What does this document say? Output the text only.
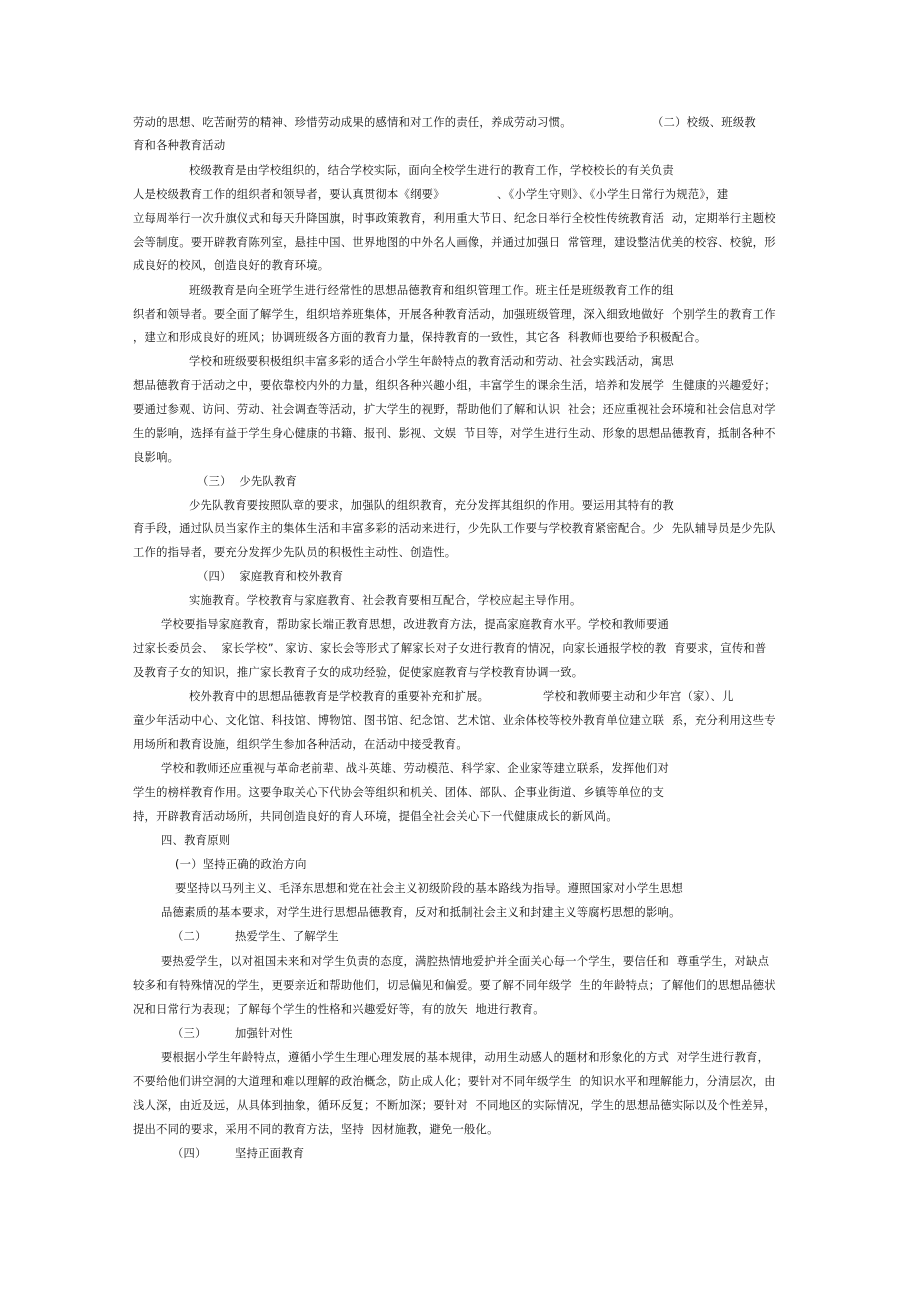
劳动的思想、吃苦耐劳的精神、珍惜劳动成果的感情和对工作的责任，养成劳动习惯。	（二）校级、班级教
育和各种教育活动
校级教育是由学校组织的，结合学校实际，面向全校学生进行的教育工作，学校校长的有关负责
人是校级教育工作的组织者和领导者，要认真贯彻本《纲要》	、《小学生守则》、《小学生日常行为规范》，建
立每周举行一次升旗仪式和每天升降国旗，时事政策教育，利用重大节日、纪念日举行全校性传统教育活  动，定期举行主题校
会等制度。要开辟教育陈列室，悬挂中国、世界地图的中外名人画像，并通过加强日  常管理，建设整洁优美的校容、校貌，形
成良好的校风，创造良好的教育环境。
班级教育是向全班学生进行经常性的思想品德教育和组织管理工作。班主任是班级教育工作的组
织者和领导者。要全面了解学生，组织培养班集体，开展各种教育活动，加强班级管理，深入细致地做好  个别学生的教育工作
，建立和形成良好的班风；协调班级各方面的教育力量，保持教育的一致性，其它各  科教师也要给予积极配合。
学校和班级要积极组织丰富多彩的适合小学生年龄特点的教育活动和劳动、社会实践活动，寓思
想品德教育于活动之中，要依靠校内外的力量，组织各种兴趣小组，丰富学生的课余生活，培养和发展学  生健康的兴趣爱好；
要通过参观、访问、劳动、社会调查等活动，扩大学生的视野，帮助他们了解和认识  社会；还应重视社会环境和社会信息对学
生的影响，选择有益于学生身心健康的书籍、报刊、影视、文娱  节目等，对学生进行生动、形象的思想品德教育，抵制各种不
良影响。
（三）  少先队教育
少先队教育要按照队章的要求，加强队的组织教育，充分发挥其组织的作用。要运用其特有的教
育手段，通过队员当家作主的集体生活和丰富多彩的活动来进行，少先队工作要与学校教育紧密配合。少  先队辅导员是少先队
工作的指导者，要充分发挥少先队员的积极性主动性、创造性。
（四）  家庭教育和校外教育
实施教育。学校教育与家庭教育、社会教育要相互配合，学校应起主导作用。
学校要指导家庭教育，帮助家长端正教育思想，改进教育方法，提高家庭教育水平。学校和教师要通
过家长委员会、  家长学校”、家访、家长会等形式了解家长对子女进行教育的情况，向家长通报学校的教  育要求，宣传和普
及教育子女的知识，推广家长教育子女的成功经验，促使家庭教育与学校教育协调一致。
校外教育中的思想品德教育是学校教育的重要补充和扩展。	学校和教师要主动和少年宫（家）、儿
童少年活动中心、文化馆、科技馆、博物馆、图书馆、纪念馆、艺术馆、业余体校等校外教育单位建立联  系，充分利用这些专
用场所和教育设施，组织学生参加各种活动，在活动中接受教育。
学校和教师还应重视与革命老前辈、战斗英雄、劳动模范、科学家、企业家等建立联系，发挥他们对
学生的榜样教育作用。这要争取关心下代协会等组织和机关、团体、部队、企事业街道、乡镇等单位的支
持，开辟教育活动场所，共同创造良好的育人环境，提倡全社会关心下一代健康成长的新风尚。
四、教育原则
(一）坚持正确的政治方向
要坚持以马列主义、毛泽东思想和党在社会主义初级阶段的基本路线为指导。遵照国家对小学生思想
品德素质的基本要求，对学生进行思想品德教育，反对和抵制社会主义和封建主义等腐朽思想的影响。
（二）	热爱学生、了解学生
要热爱学生，以对祖国未来和对学生负责的态度，满腔热情地爱护并全面关心每一个学生，要信任和  尊重学生，对缺点
较多和有特殊情况的学生，更要亲近和帮助他们，切忌偏见和偏爱。要了解不同年级学  生的年龄特点；了解他们的思想品德状
况和日常行为表现；了解每个学生的性格和兴趣爱好等，有的放矢  地进行教育。
（三）	加强针对性
要根据小学生年龄特点，遵循小学生生理心理发展的基本规律，动用生动感人的题材和形象化的方式  对学生进行教育，
不要给他们讲空洞的大道理和难以理解的政治概念，防止成人化；要针对不同年级学生  的知识水平和理解能力，分清层次，由
浅人深，由近及远，从具体到抽象，循环反复；不断加深；要针对  不同地区的实际情况，学生的思想品德实际以及个性差异，
提出不同的要求，采用不同的教育方法，坚持  因材施教，避免一般化。
（四）	坚持正面教育
